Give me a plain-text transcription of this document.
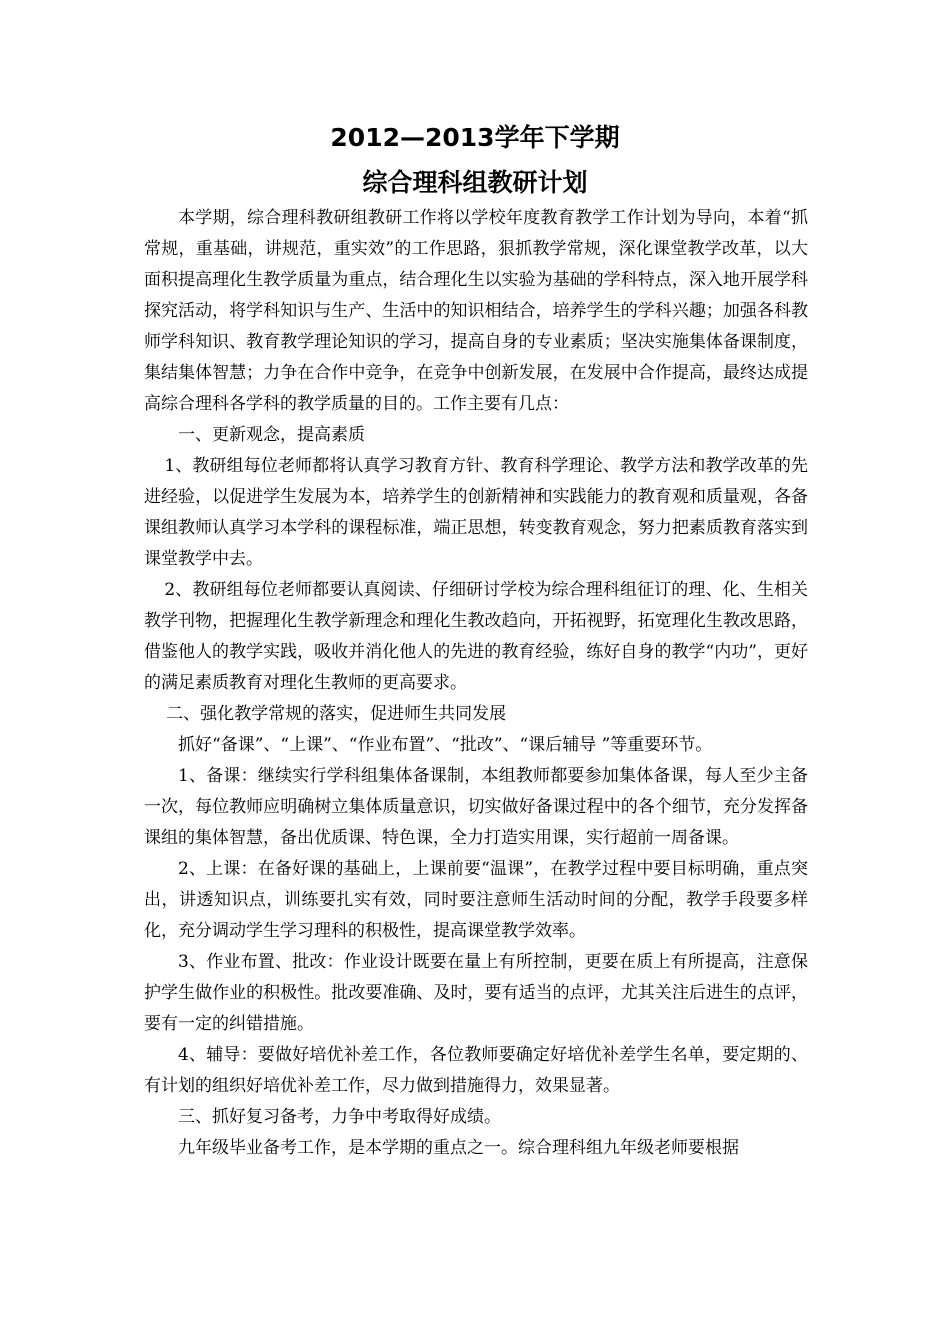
2012—2013学年下学期
综合理科组教研计划

本学期，综合理科教研组教研工作将以学校年度教育教学工作计划为导向，本着“抓常规，重基础，讲规范，重实效”的工作思路，狠抓教学常规，深化课堂教学改革，以大面积提高理化生教学质量为重点，结合理化生以实验为基础的学科特点，深入地开展学科探究活动，将学科知识与生产、生活中的知识相结合，培养学生的学科兴趣；加强各科教师学科知识、教育教学理论知识的学习，提高自身的专业素质；坚决实施集体备课制度，集结集体智慧；力争在合作中竞争，在竞争中创新发展，在发展中合作提高，最终达成提高综合理科各学科的教学质量的目的。工作主要有几点：

一、更新观念，提高素质

1、教研组每位老师都将认真学习教育方针、教育科学理论、教学方法和教学改革的先进经验，以促进学生发展为本，培养学生的创新精神和实践能力的教育观和质量观，各备课组教师认真学习本学科的课程标准，端正思想，转变教育观念，努力把素质教育落实到课堂教学中去。

2、教研组每位老师都要认真阅读、仔细研讨学校为综合理科组征订的理、化、生相关教学刊物，把握理化生教学新理念和理化生教改趋向，开拓视野，拓宽理化生教改思路，借鉴他人的教学实践，吸收并消化他人的先进的教育经验，练好自身的教学“内功”，更好的满足素质教育对理化生教师的更高要求。

二、强化教学常规的落实，促进师生共同发展

抓好“备课”、“上课”、“作业布置”、“批改”、“课后辅导 ”等重要环节。

1、备课：继续实行学科组集体备课制，本组教师都要参加集体备课，每人至少主备一次，每位教师应明确树立集体质量意识，切实做好备课过程中的各个细节，充分发挥备课组的集体智慧，备出优质课、特色课，全力打造实用课，实行超前一周备课。

2、上课：在备好课的基础上，上课前要“温课”，在教学过程中要目标明确，重点突出，讲透知识点，训练要扎实有效，同时要注意师生活动时间的分配，教学手段要多样化，充分调动学生学习理科的积极性，提高课堂教学效率。

3、作业布置、批改：作业设计既要在量上有所控制，更要在质上有所提高，注意保护学生做作业的积极性。批改要准确、及时，要有适当的点评，尤其关注后进生的点评，要有一定的纠错措施。

4、辅导：要做好培优补差工作，各位教师要确定好培优补差学生名单，要定期的、有计划的组织好培优补差工作，尽力做到措施得力，效果显著。

三、抓好复习备考，力争中考取得好成绩。

九年级毕业备考工作，是本学期的重点之一。综合理科组九年级老师要根据
